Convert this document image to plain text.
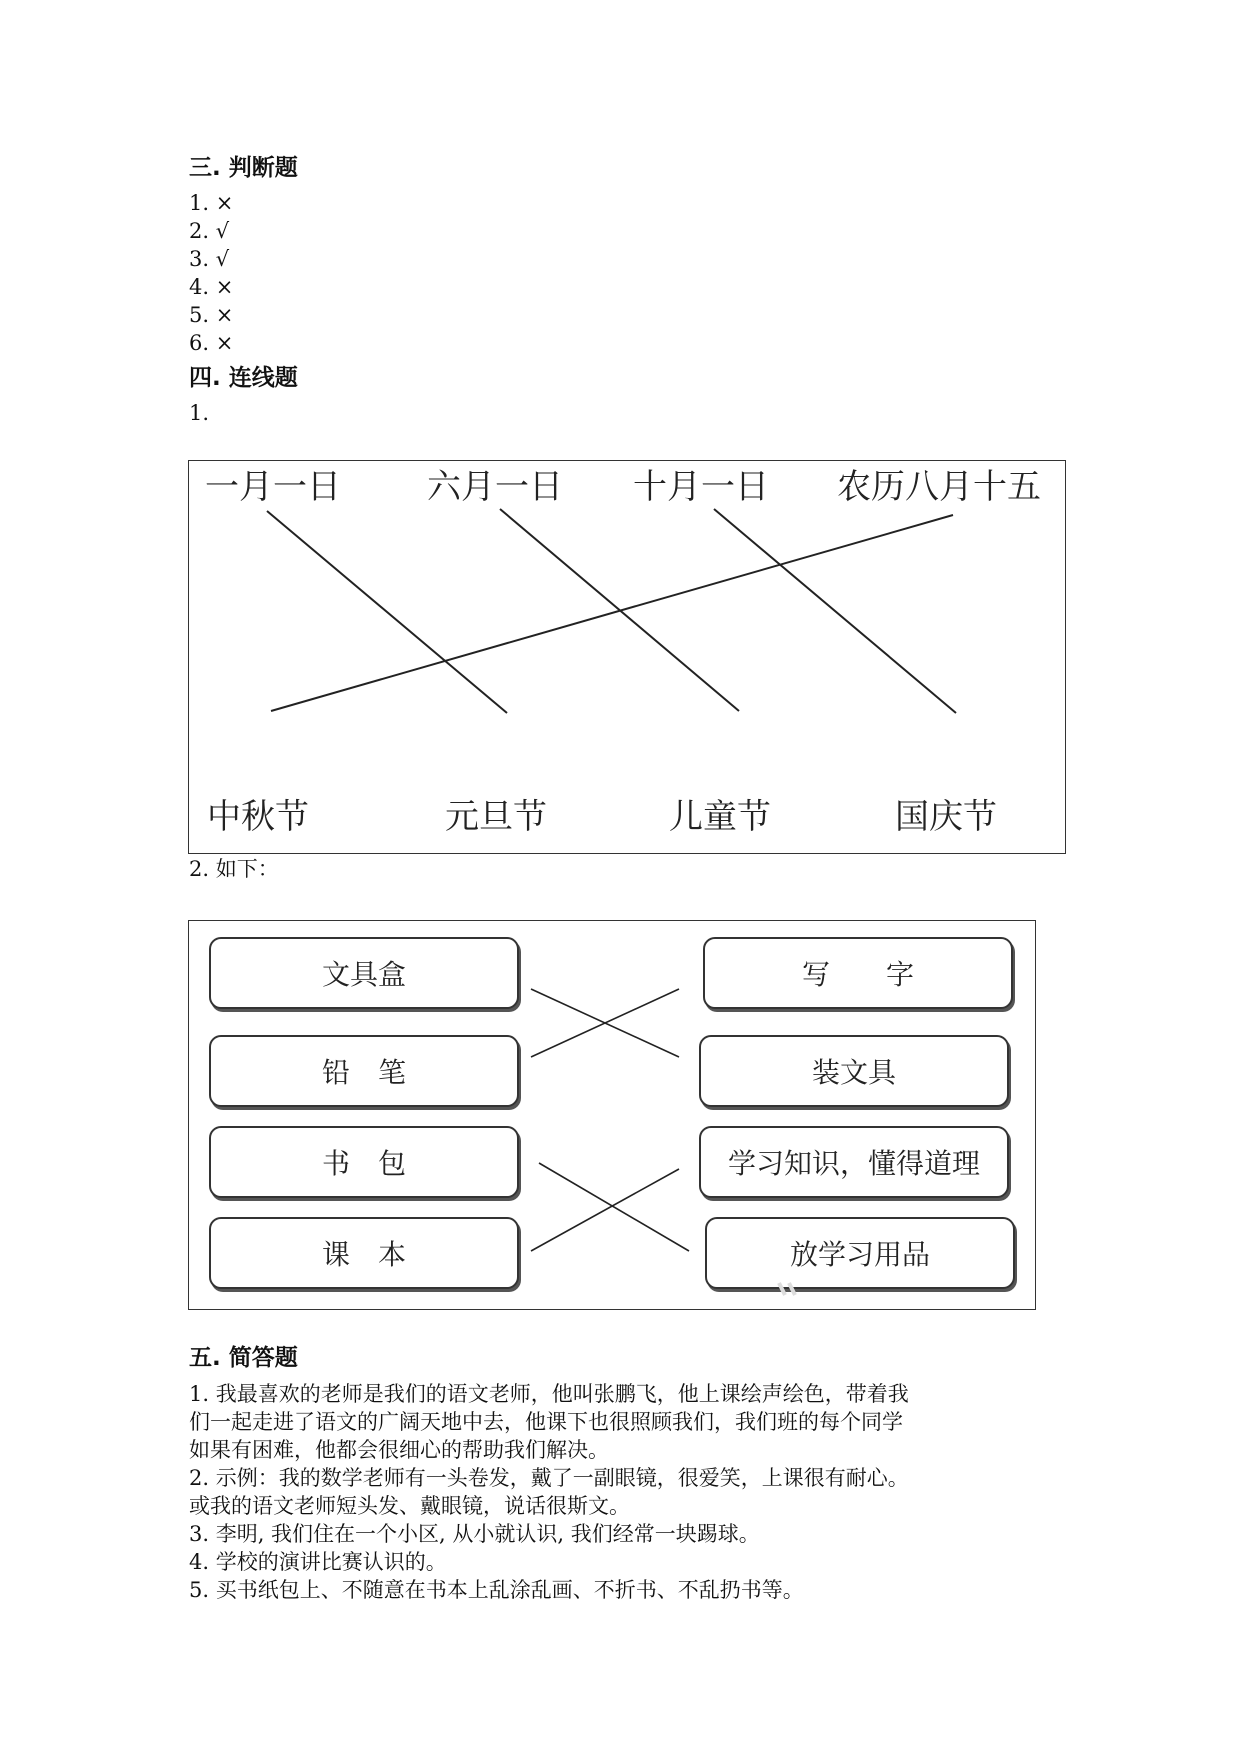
三. 判断题
1. ×
2. √
3. √
4. ×
5. ×
6. ×
四. 连线题
1.
一月一日	六月一日 十月一日 农历八月十五
中秋节	元旦节	儿童节	国庆节
2. 如下：
文具盒
铅　笔
书　包
课　本
写　　字
装文具
学习知识，懂得道理
放学习用品
五. 简答题
1. 我最喜欢的老师是我们的语文老师，他叫张鹏飞，他上课绘声绘色，带着我
们一起走进了语文的广阔天地中去，他课下也很照顾我们，我们班的每个同学
如果有困难，他都会很细心的帮助我们解决。
2. 示例：我的数学老师有一头卷发，戴了一副眼镜，很爱笑，上课很有耐心。
或我的语文老师短头发、戴眼镜，说话很斯文。
3. 李明, 我们住在一个小区, 从小就认识, 我们经常一块踢球。
4. 学校的演讲比赛认识的。
5. 买书纸包上、不随意在书本上乱涂乱画、不折书、不乱扔书等。
